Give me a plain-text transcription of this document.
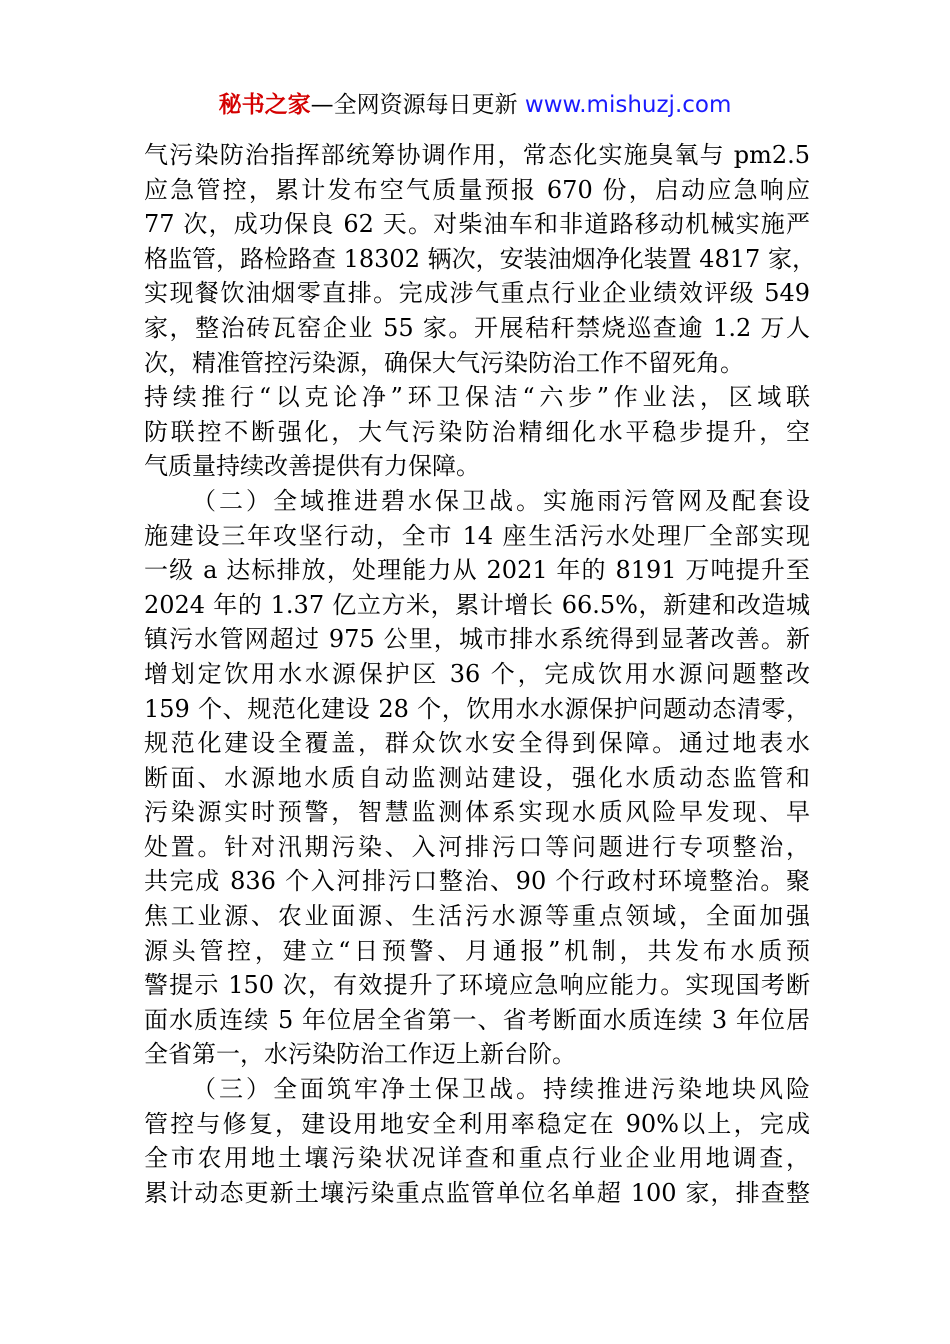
秘书之家—全网资源每日更新 www.mishuzj.com
气污染防治指挥部统筹协调作用，常态化实施臭氧与 pm2.5
应急管控，累计发布空气质量预报 670 份，启动应急响应
77 次，成功保良 62 天。对柴油车和非道路移动机械实施严
格监管，路检路查 18302 辆次，安装油烟净化装置 4817 家，
实现餐饮油烟零直排。完成涉气重点行业企业绩效评级 549
家，整治砖瓦窑企业 55 家。开展秸秆禁烧巡查逾 1.2 万人
次，精准管控污染源，确保大气污染防治工作不留死角。
持续推行“以克论净”环卫保洁“六步”作业法，区域联
防联控不断强化，大气污染防治精细化水平稳步提升，空
气质量持续改善提供有力保障。
（二）全域推进碧水保卫战。实施雨污管网及配套设
施建设三年攻坚行动，全市 14 座生活污水处理厂全部实现
一级 a 达标排放，处理能力从 2021 年的 8191 万吨提升至
2024 年的 1.37 亿立方米，累计增长 66.5%，新建和改造城
镇污水管网超过 975 公里，城市排水系统得到显著改善。新
增划定饮用水水源保护区 36 个，完成饮用水源问题整改
159 个、规范化建设 28 个，饮用水水源保护问题动态清零，
规范化建设全覆盖，群众饮水安全得到保障。通过地表水
断面、水源地水质自动监测站建设，强化水质动态监管和
污染源实时预警，智慧监测体系实现水质风险早发现、早
处置。针对汛期污染、入河排污口等问题进行专项整治，
共完成 836 个入河排污口整治、90 个行政村环境整治。聚
焦工业源、农业面源、生活污水源等重点领域，全面加强
源头管控，建立“日预警、月通报”机制，共发布水质预
警提示 150 次，有效提升了环境应急响应能力。实现国考断
面水质连续 5 年位居全省第一、省考断面水质连续 3 年位居
全省第一，水污染防治工作迈上新台阶。
（三）全面筑牢净土保卫战。持续推进污染地块风险
管控与修复，建设用地安全利用率稳定在 90%以上，完成
全市农用地土壤污染状况详查和重点行业企业用地调查，
累计动态更新土壤污染重点监管单位名单超 100 家，排查整
